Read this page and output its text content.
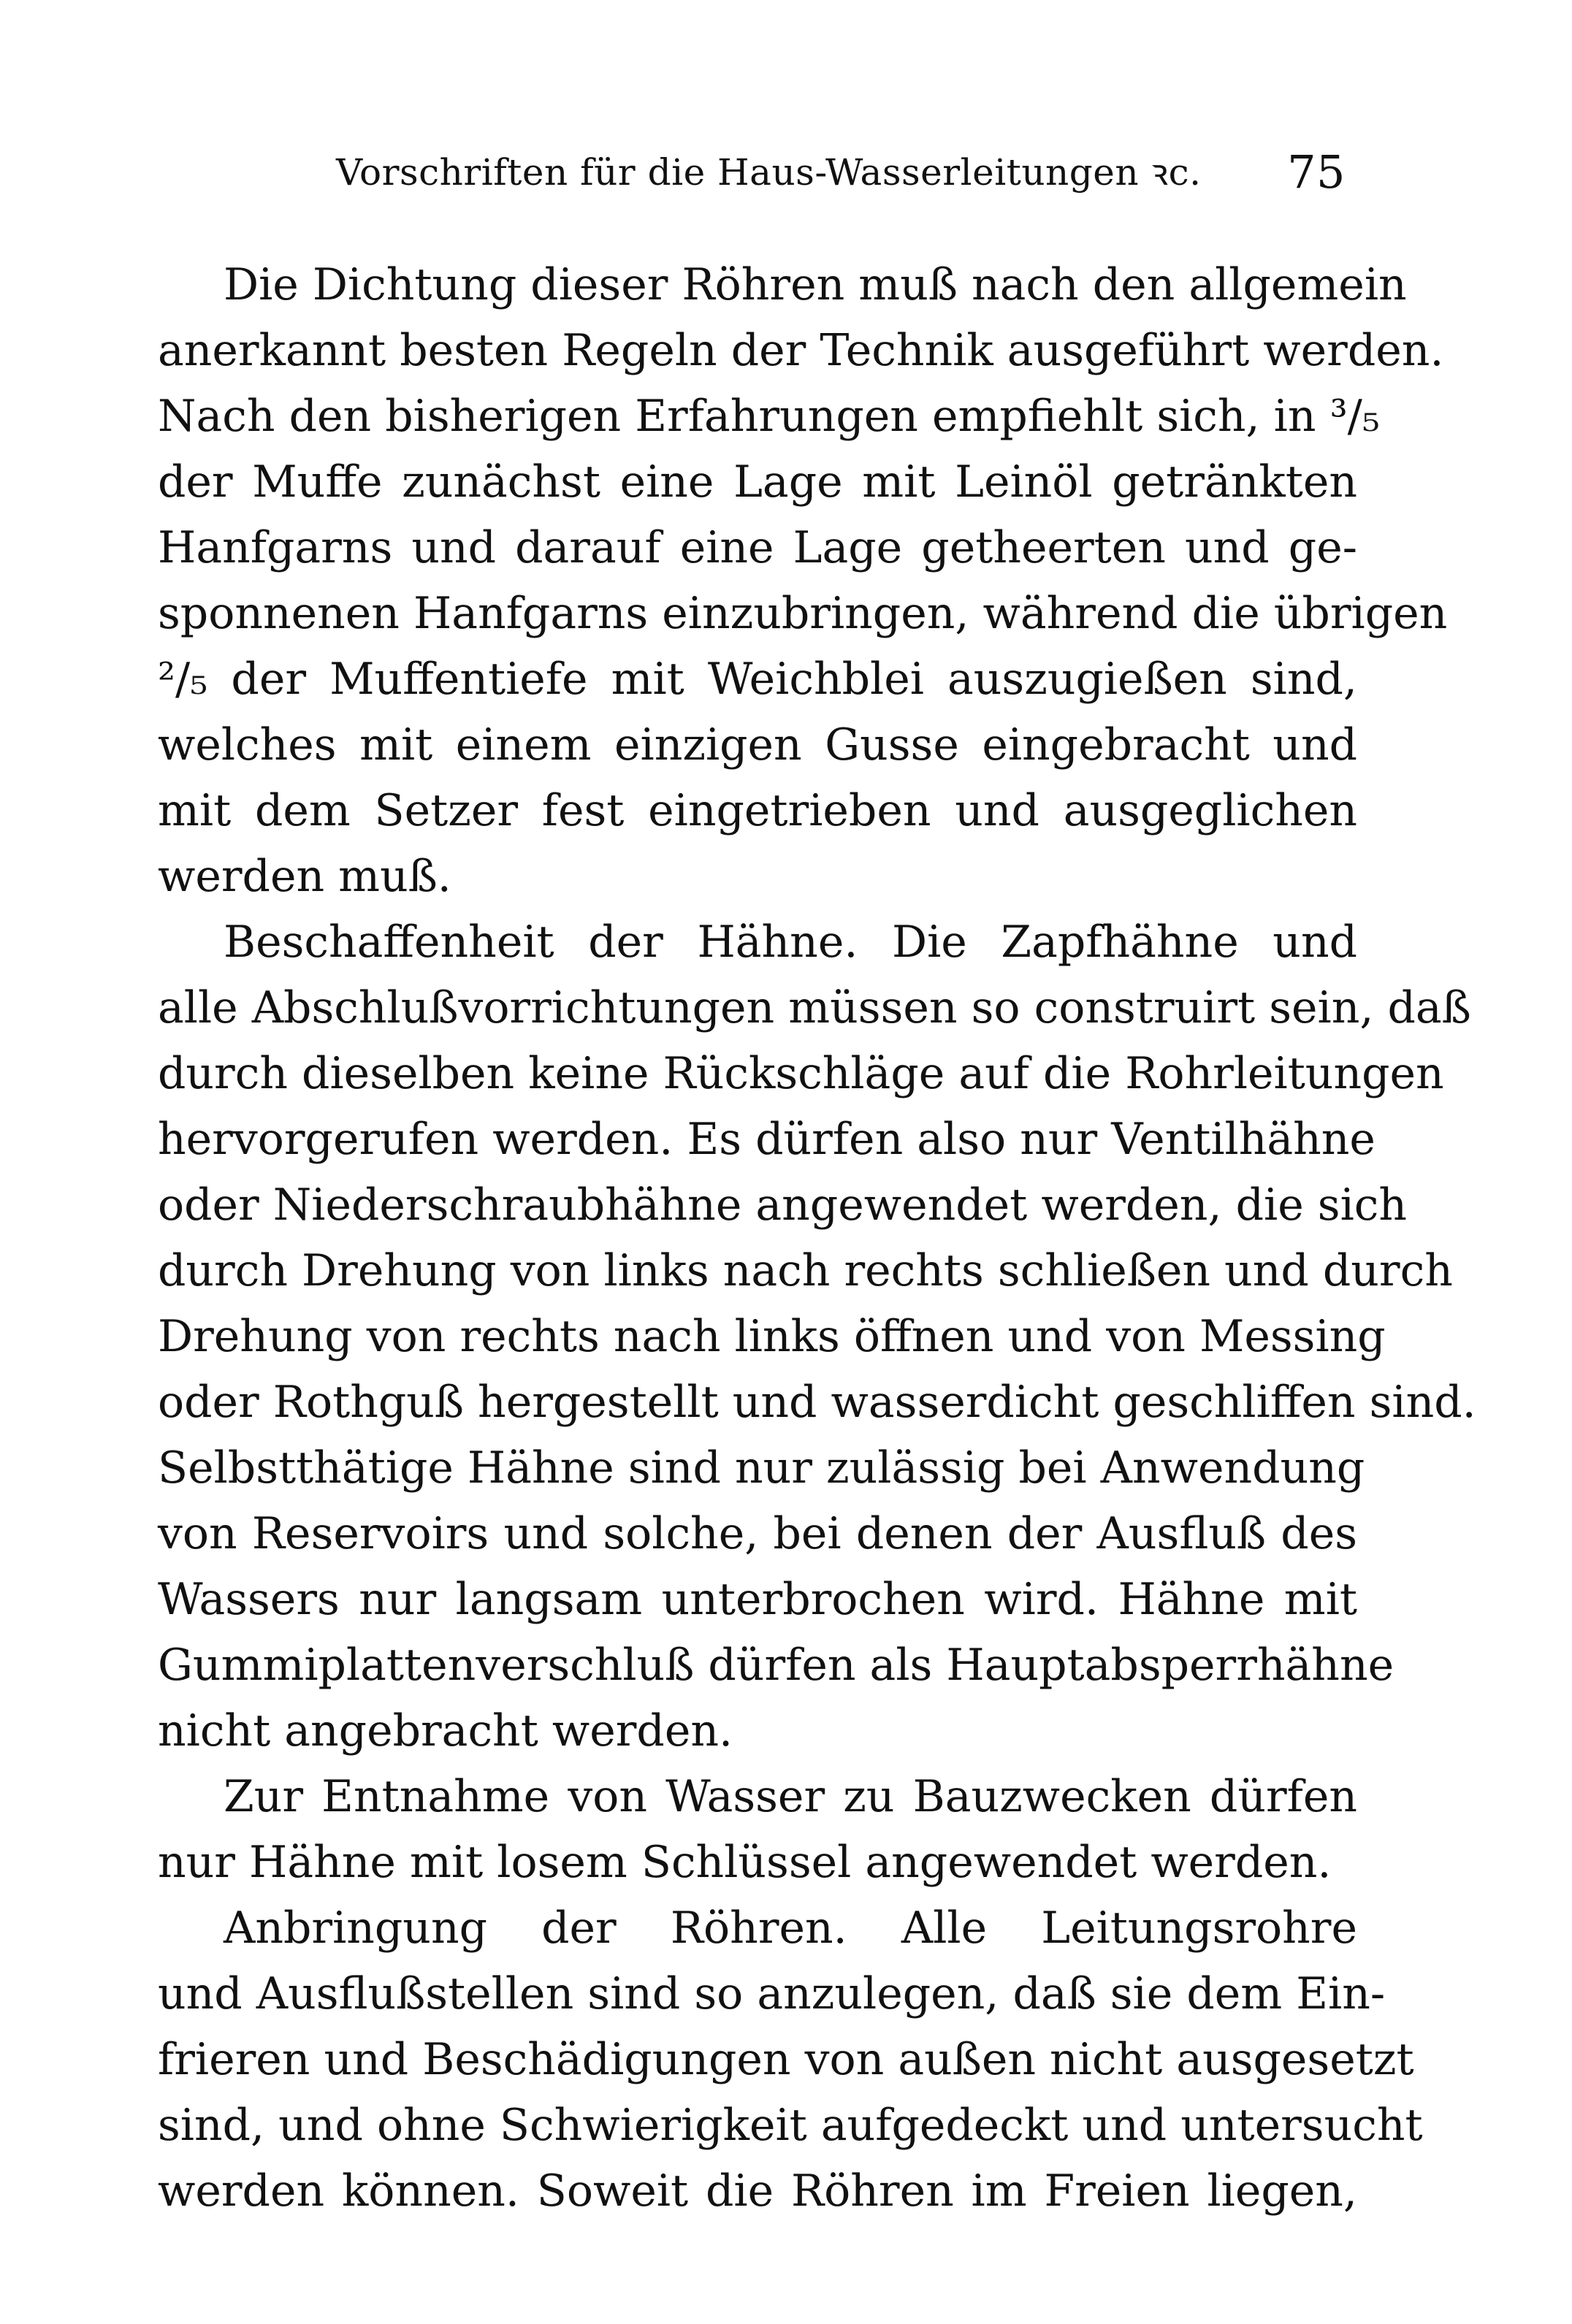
Vorschriften für die Haus-Wasserleitungen ꝛc. 75
Die Dichtung dieser Röhren muß nach den allgemein
anerkannt besten Regeln der Technik ausgeführt werden.
Nach den bisherigen Erfahrungen empfiehlt sich, in ³/₅
der Muffe zunächst eine Lage mit Leinöl getränkten
Hanfgarns und darauf eine Lage getheerten und ge-
sponnenen Hanfgarns einzubringen, während die übrigen
²/₅ der Muffentiefe mit Weichblei auszugießen sind,
welches mit einem einzigen Gusse eingebracht und
mit dem Setzer fest eingetrieben und ausgeglichen
werden muß.
Beschaffenheit der Hähne. Die Zapfhähne und
alle Abschlußvorrichtungen müssen so construirt sein, daß
durch dieselben keine Rückschläge auf die Rohrleitungen
hervorgerufen werden. Es dürfen also nur Ventilhähne
oder Niederschraubhähne angewendet werden, die sich
durch Drehung von links nach rechts schließen und durch
Drehung von rechts nach links öffnen und von Messing
oder Rothguß hergestellt und wasserdicht geschliffen sind.
Selbstthätige Hähne sind nur zulässig bei Anwendung
von Reservoirs und solche, bei denen der Ausfluß des
Wassers nur langsam unterbrochen wird. Hähne mit
Gummiplattenverschluß dürfen als Hauptabsperrhähne
nicht angebracht werden.
Zur Entnahme von Wasser zu Bauzwecken dürfen
nur Hähne mit losem Schlüssel angewendet werden.
Anbringung der Röhren. Alle Leitungsrohre
und Ausflußstellen sind so anzulegen, daß sie dem Ein-
frieren und Beschädigungen von außen nicht ausgesetzt
sind, und ohne Schwierigkeit aufgedeckt und untersucht
werden können. Soweit die Röhren im Freien liegen,
